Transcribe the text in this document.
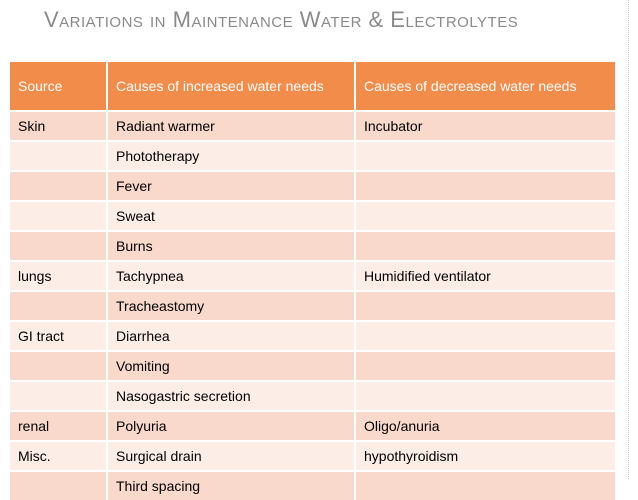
Variations in Maintenance Water & Electrolytes
Source	Causes of increased water needs	Causes of decreased water needs
Skin	Radiant warmer	Incubator
	Phototherapy	
	Fever	
	Sweat	
	Burns	
lungs	Tachypnea	Humidified ventilator
	Tracheastomy	
GI tract	Diarrhea	
	Vomiting	
	Nasogastric secretion	
renal	Polyuria	Oligo/anuria
Misc.	Surgical drain	hypothyroidism
	Third spacing	
